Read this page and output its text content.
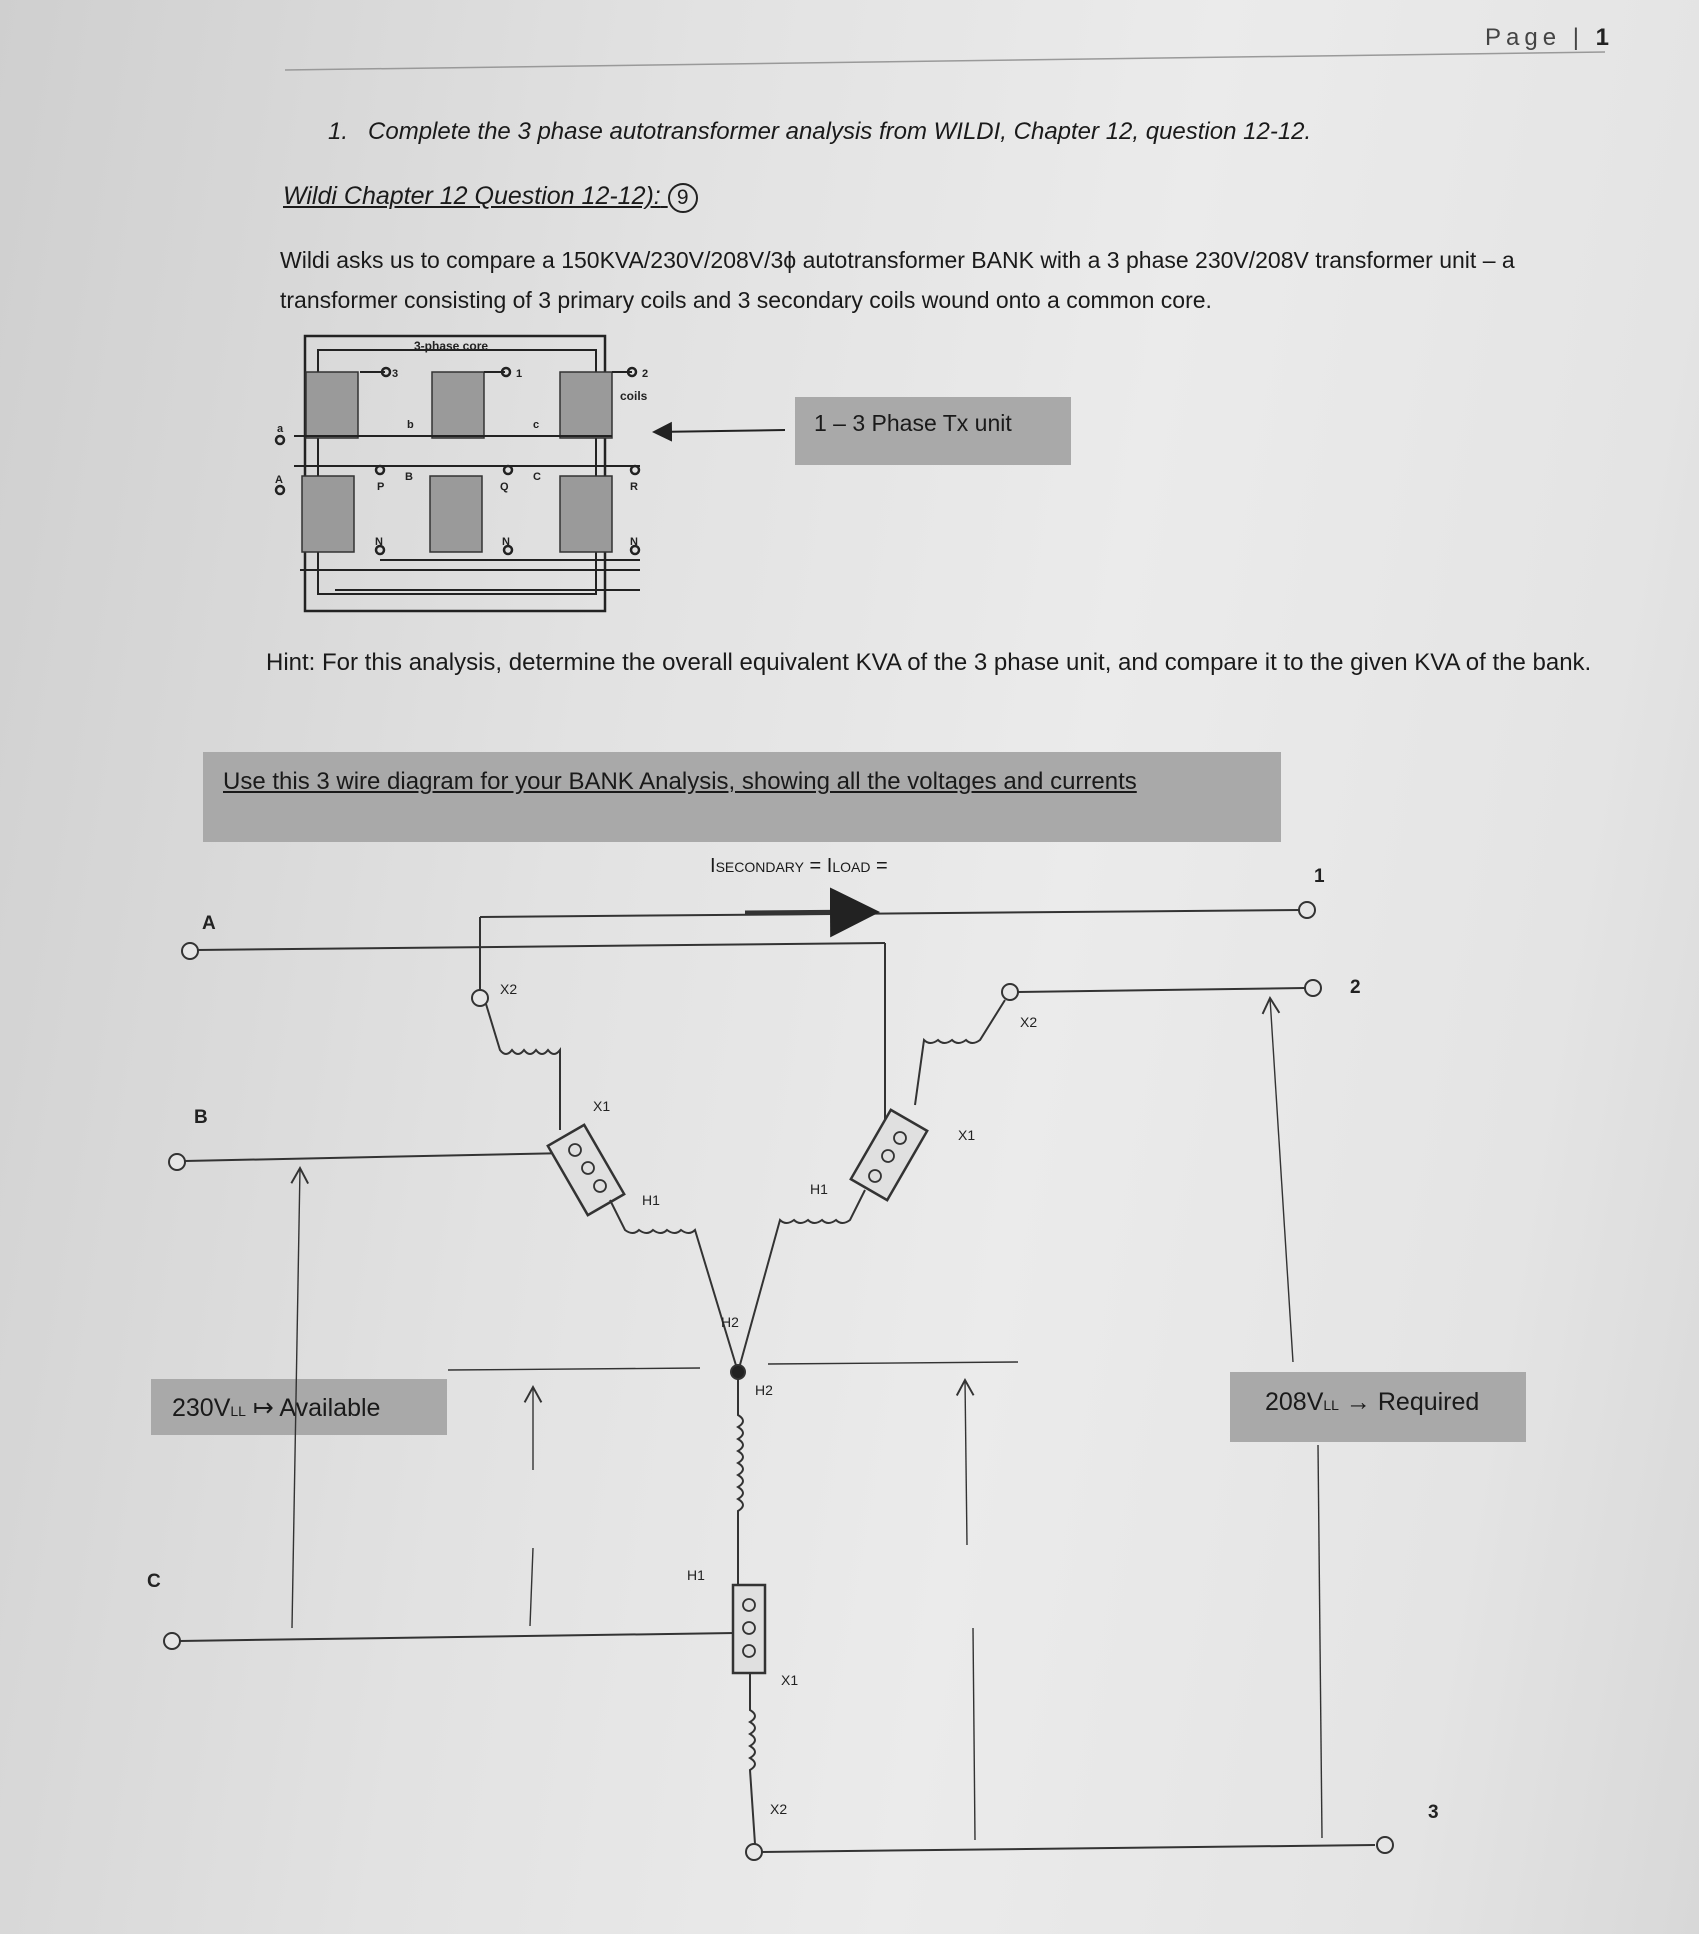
Page | 1
1. Complete the 3 phase autotransformer analysis from WILDI, Chapter 12, question 12-12.
Wildi Chapter 12 Question 12-12): 9
Wildi asks us to compare a 150KVA/230V/208V/3ϕ autotransformer BANK with a 3 phase 230V/208V transformer unit – a transformer consisting of 3 primary coils and 3 secondary coils wound onto a common core.
1 – 3 Phase Tx unit
Hint: For this analysis, determine the overall equivalent KVA of the 3 phase unit, and compare it to the given KVA of the bank.
Use this 3 wire diagram for your BANK Analysis, showing all the voltages and currents
230VLL ↦ Available	208VLL → Required
ISECONDARY = ILOAD =
3-phase core
coils
3	1	2
a	b	c
A	B	C
P	Q	R
N	N	N
A
B
C
1
2
3
X2
X1
H1
H2
X2
X1
H1
H2
H1
X1
X2
